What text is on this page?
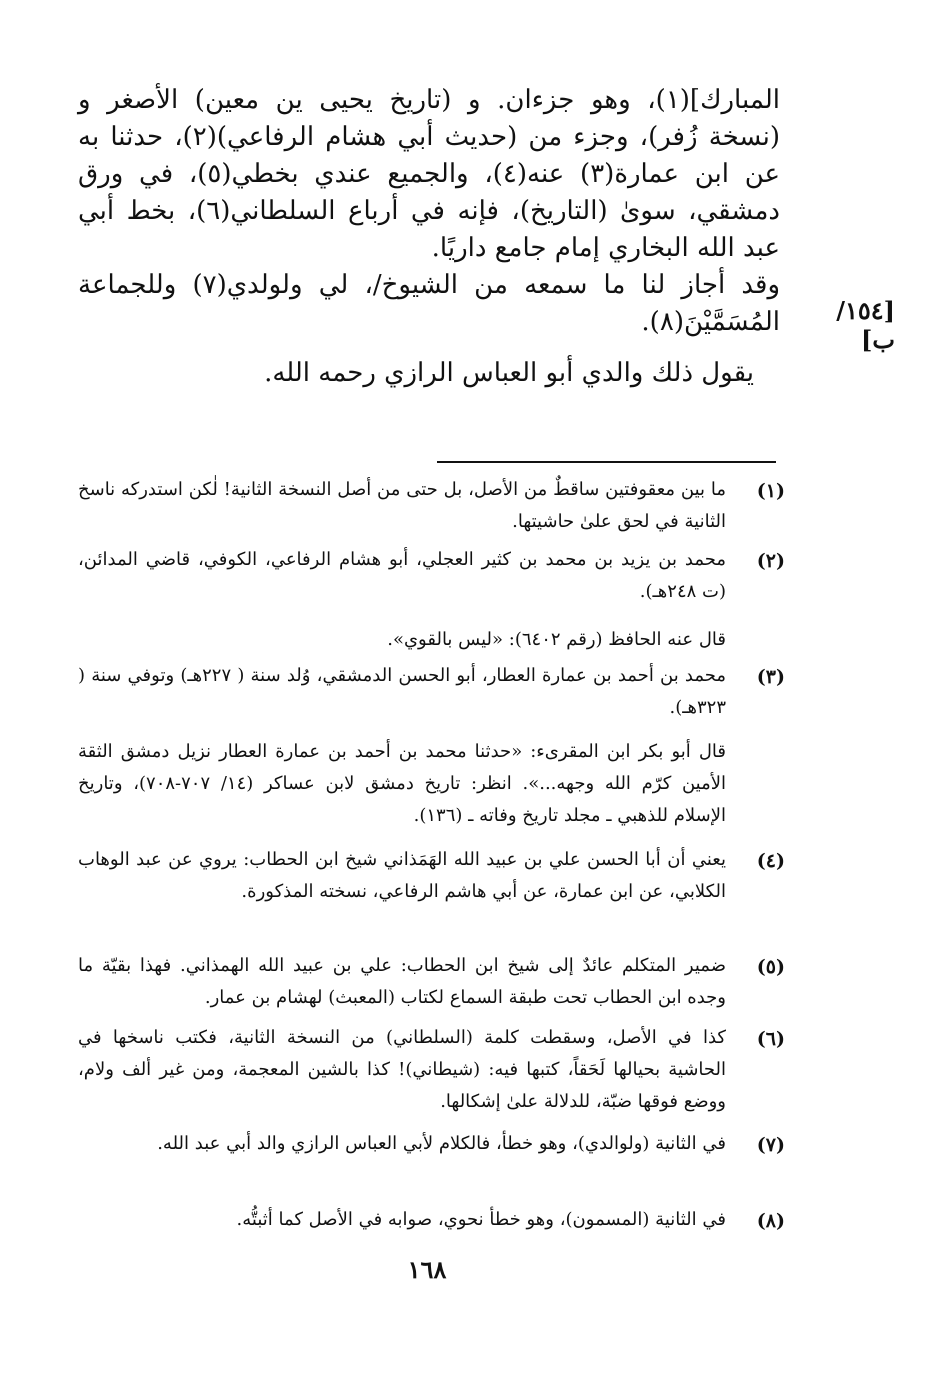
المبارك](١)، وهو جزءان. و (تاريخ يحيى ين معين) الأصغر و (نسخة زُفر)، وجزء من (حديث أبي هشام الرفاعي)(٢)، حدثنا به عن ابن عمارة(٣) عنه(٤)، والجميع عندي بخطي(٥)، في ورق دمشقي، سوىٰ (التاريخ)، فإنه في أرباع السلطاني(٦)، بخط أبي عبد الله البخاري إمام جامع داريًا.

وقد أجاز لنا ما سمعه من الشيوخ/، لي ولولدي(٧) وللجماعة المُسَمَّيْنَ(٨).

يقول ذلك والدي أبو العباس الرازي رحمه الله.

[١٥٤/ب]
(١)
ما بين معقوفتين ساقطٌ من الأصل، بل حتى من أصل النسخة الثانية! لٰكن استدركه ناسخ الثانية في لحق علىٰ حاشيتها.
(٢)
محمد بن يزيد بن محمد بن كثير العجلي، أبو هشام الرفاعي، الكوفي، قاضي المدائن، (ت ٢٤٨هـ).
قال عنه الحافظ (رقم ٦٤٠٢): «ليس بالقوي».
(٣)
محمد بن أحمد بن عمارة العطار، أبو الحسن الدمشقي، وُلد سنة ( ٢٢٧هـ) وتوفي سنة ( ٣٢٣هـ).
قال أبو بكر ابن المقرىء: «حدثنا محمد بن أحمد بن عمارة العطار نزيل دمشق الثقة الأمين كرّم الله وجهه...». انظر: تاريخ دمشق لابن عساكر (١٤/ ٧٠٧-٧٠٨)، وتاريخ الإسلام للذهبي ـ مجلد تاريخ وفاته ـ (١٣٦).
(٤)
يعني أن أبا الحسن علي بن عبيد الله الهَمَذاني شيخ ابن الحطاب: يروي عن عبد الوهاب الكلابي، عن ابن عمارة، عن أبي هاشم الرفاعي، نسخته المذكورة.
(٥)
ضمير المتكلم عائدٌ إلى شيخ ابن الحطاب: علي بن عبيد الله الهمذاني. فهذا بقيّة ما وجده ابن الحطاب تحت طبقة السماع لكتاب (المعبث) لهشام بن عمار.
(٦)
كذا في الأصل، وسقطت كلمة (السلطاني) من النسخة الثانية، فكتب ناسخها في الحاشية بحيالها لَحَقاً، كتبها فيه: (شيطاني)! كذا بالشين المعجمة، ومن غير ألف ولام، ووضع فوقها ضبّة، للدلالة علىٰ إشكالها.
(٧)
في الثانية (ولوالدي)، وهو خطأ، فالكلام لأبي العباس الرازي والد أبي عبد الله.
(٨)
في الثانية (المسمون)، وهو خطأ نحوي، صوابه في الأصل كما أثبتُّه.
١٦٨
